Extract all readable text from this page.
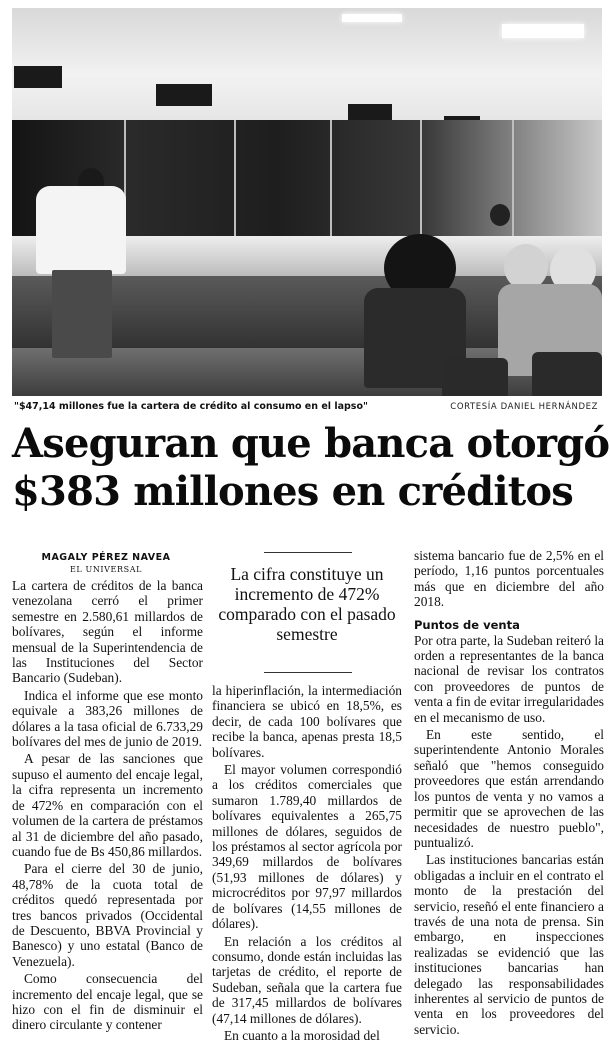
"$47,14 millones fue la cartera de crédito al consumo en el lapso"	CORTESÍA DANIEL HERNÁNDEZ
Aseguran que banca otorgó
$383 millones en créditos
MAGALY PÉREZ NAVEA
EL UNIVERSAL

La cartera de créditos de la banca venezolana cerró el primer semestre en 2.580,61 millardos de bolívares, según el informe mensual de la Superintendencia de las Instituciones del Sector Bancario (Sudeban).

Indica el informe que ese monto equivale a 383,26 millones de dólares a la tasa oficial de 6.733,29 bolívares del mes de junio de 2019.

A pesar de las sanciones que supuso el aumento del encaje legal, la cifra representa un incremento de 472% en comparación con el volumen de la cartera de préstamos al 31 de diciembre del año pasado, cuando fue de Bs 450,86 millardos.

Para el cierre del 30 de junio, 48,78% de la cuota total de créditos quedó representada por tres bancos privados (Occidental de Descuento, BBVA Provincial y Banesco) y uno estatal (Banco de Venezuela).

Como consecuencia del incremento del encaje legal, que se hizo con el fin de disminuir el dinero circulante y contener

La cifra constituye un incremento de 472% comparado con el pasado semestre

la hiperinflación, la intermediación financiera se ubicó en 18,5%, es decir, de cada 100 bolívares que recibe la banca, apenas presta 18,5 bolívares.

El mayor volumen correspondió a los créditos comerciales que sumaron 1.789,40 millardos de bolívares equivalentes a 265,75 millones de dólares, seguidos de los préstamos al sector agrícola por 349,69 millardos de bolívares (51,93 millones de dólares) y microcréditos por 97,97 millardos de bolívares (14,55 millones de dólares).

En relación a los créditos al consumo, donde están incluidas las tarjetas de crédito, el reporte de Sudeban, señala que la cartera fue de 317,45 millardos de bolívares (47,14 millones de dólares).

En cuanto a la morosidad del

sistema bancario fue de 2,5% en el período, 1,16 puntos porcentuales más que en diciembre del año 2018.

Puntos de venta

Por otra parte, la Sudeban reiteró la orden a representantes de la banca nacional de revisar los contratos con proveedores de puntos de venta a fin de evitar irregularidades en el mecanismo de uso.

En este sentido, el superintendente Antonio Morales señaló que "hemos conseguido proveedores que están arrendando los puntos de venta y no vamos a permitir que se aprovechen de las necesidades de nuestro pueblo", puntualizó.

Las instituciones bancarias están obligadas a incluir en el contrato el monto de la prestación del servicio, reseñó el ente financiero a través de una nota de prensa. Sin embargo, en inspecciones realizadas se evidenció que las instituciones bancarias han delegado las responsabilidades inherentes al servicio de puntos de venta en los proveedores del servicio.
